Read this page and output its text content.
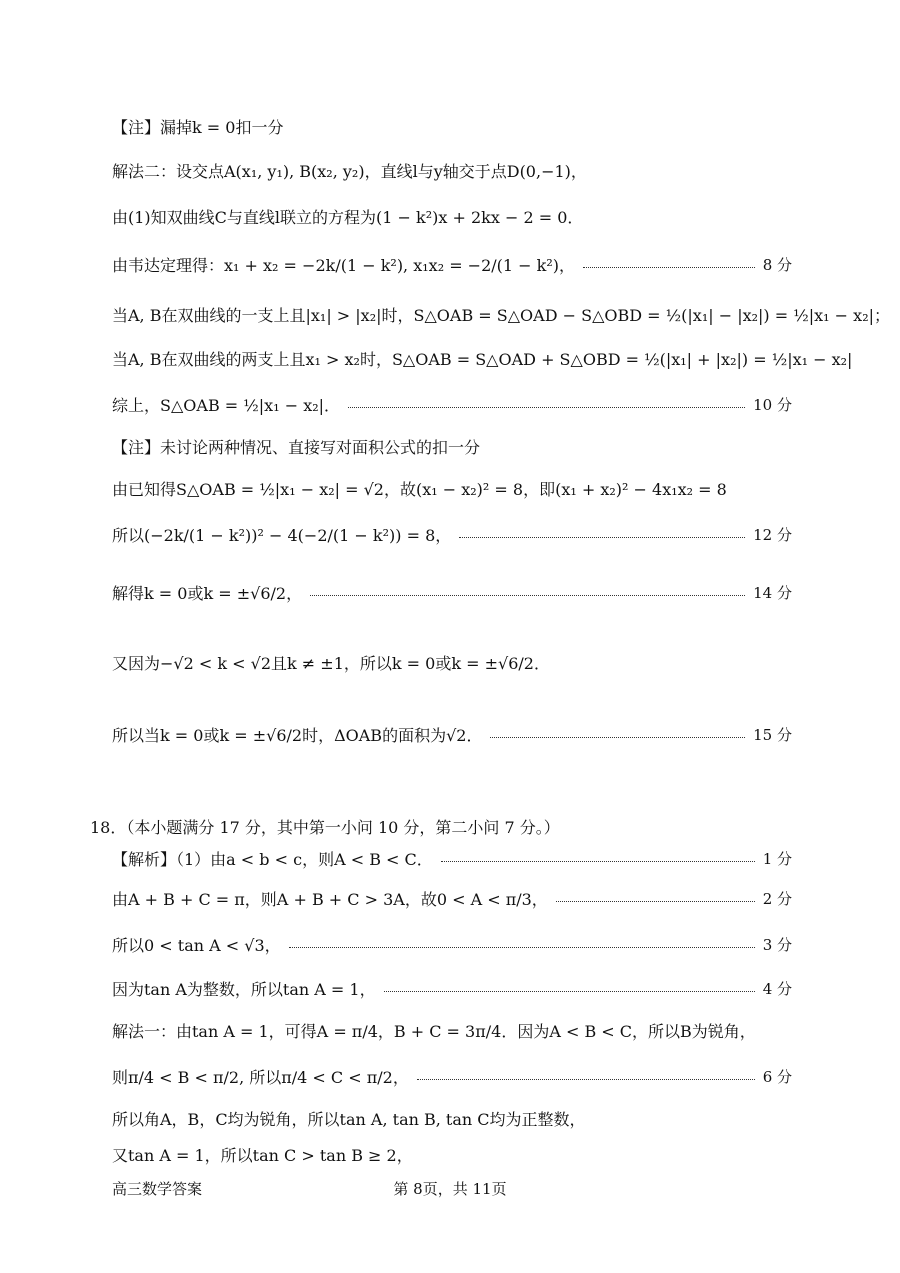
【注】漏掉k = 0扣一分
解法二：设交点A(x₁, y₁), B(x₂, y₂)，直线l与y轴交于点D(0,−1)，
由(1)知双曲线C与直线l联立的方程为(1 − k²)x + 2kx − 2 = 0．
由韦达定理得：x₁ + x₂ = −2k/(1 − k²), x₁x₂ = −2/(1 − k²)，	8 分
当A, B在双曲线的一支上且|x₁| > |x₂|时，S△OAB = S△OAD − S△OBD = ½(|x₁| − |x₂|) = ½|x₁ − x₂|；
当A, B在双曲线的两支上且x₁ > x₂时，S△OAB = S△OAD + S△OBD = ½(|x₁| + |x₂|) = ½|x₁ − x₂|
综上，S△OAB = ½|x₁ − x₂|．	10 分
【注】未讨论两种情况、直接写对面积公式的扣一分
由已知得S△OAB = ½|x₁ − x₂| = √2，故(x₁ − x₂)² = 8，即(x₁ + x₂)² − 4x₁x₂ = 8
所以(−2k/(1 − k²))² − 4(−2/(1 − k²)) = 8，	12 分
解得k = 0或k = ±√6/2，	14 分
又因为−√2 < k < √2且k ≠ ±1，所以k = 0或k = ±√6/2．
所以当k = 0或k = ±√6/2时，ΔOAB的面积为√2．	15 分
18．（本小题满分 17 分，其中第一小问 10 分，第二小问 7 分。）
【解析】（1）由a < b < c，则A < B < C．	1 分
由A + B + C = π，则A + B + C > 3A，故0 < A < π/3，	2 分
所以0 < tan A < √3，	3 分
因为tan A为整数，所以tan A = 1，	4 分
解法一：由tan A = 1，可得A = π/4，B + C = 3π/4．因为A < B < C，所以B为锐角，
则π/4 < B < π/2, 所以π/4 < C < π/2，	6 分
所以角A，B，C均为锐角，所以tan A, tan B, tan C均为正整数，
又tan A = 1，所以tan C > tan B ≥ 2，
高三数学答案	第 8页，共 11页
